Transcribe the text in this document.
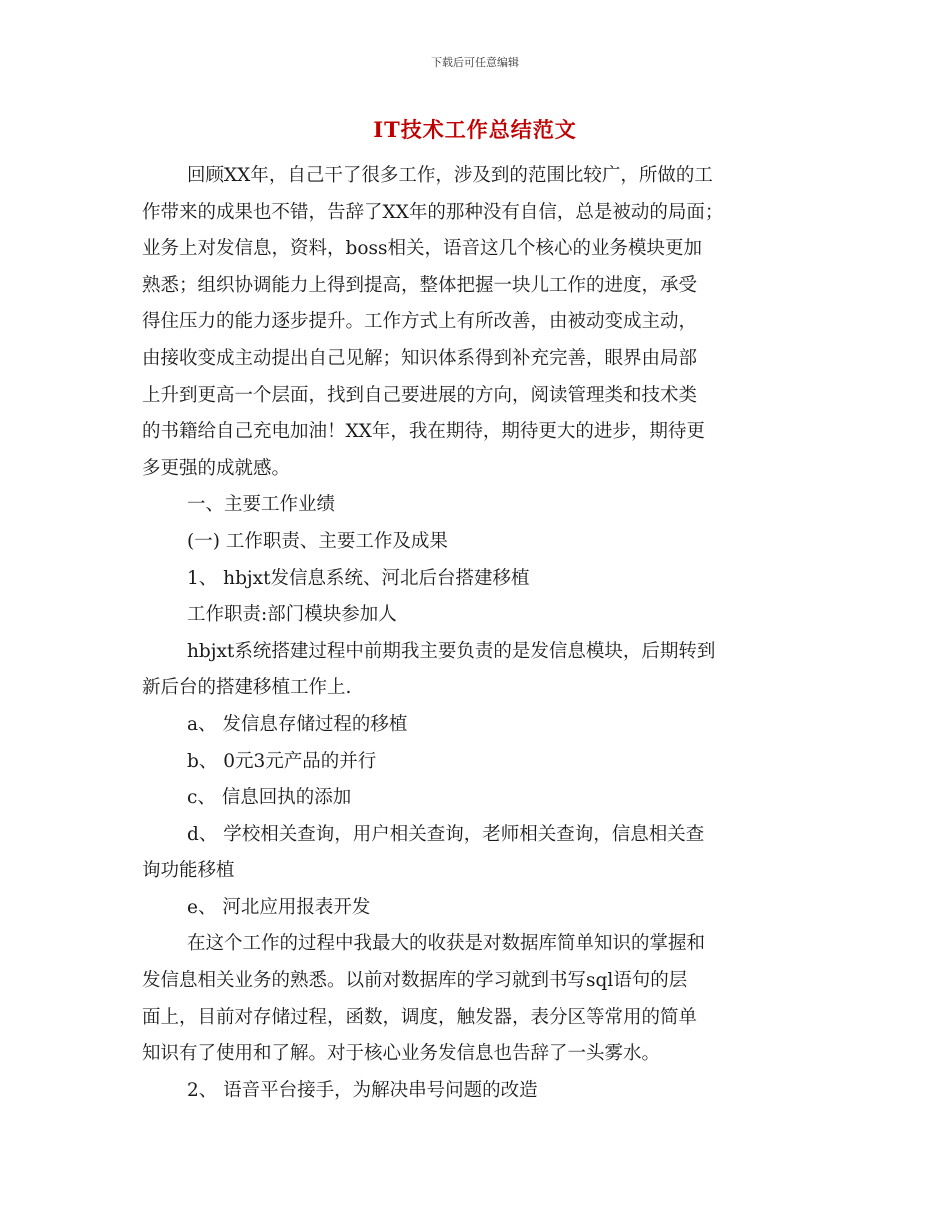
下载后可任意编辑
IT技术工作总结范文
回顾XX年，自己干了很多工作，涉及到的范围比较广，所做的工
作带来的成果也不错，告辞了XX年的那种没有自信，总是被动的局面；
业务上对发信息，资料，boss相关，语音这几个核心的业务模块更加
熟悉；组织协调能力上得到提高，整体把握一块儿工作的进度，承受
得住压力的能力逐步提升。工作方式上有所改善，由被动变成主动，
由接收变成主动提出自己见解；知识体系得到补充完善，眼界由局部
上升到更高一个层面，找到自己要进展的方向，阅读管理类和技术类
的书籍给自己充电加油！XX年，我在期待，期待更大的进步，期待更
多更强的成就感。
一、主要工作业绩
(一) 工作职责、主要工作及成果
1、 hbjxt发信息系统、河北后台搭建移植
工作职责:部门模块参加人
hbjxt系统搭建过程中前期我主要负责的是发信息模块，后期转到
新后台的搭建移植工作上.
a、 发信息存储过程的移植
b、 0元3元产品的并行
c、 信息回执的添加
d、 学校相关查询，用户相关查询，老师相关查询，信息相关查
询功能移植
e、 河北应用报表开发
在这个工作的过程中我最大的收获是对数据库简单知识的掌握和
发信息相关业务的熟悉。以前对数据库的学习就到书写sql语句的层
面上，目前对存储过程，函数，调度，触发器，表分区等常用的简单
知识有了使用和了解。对于核心业务发信息也告辞了一头雾水。
2、 语音平台接手，为解决串号问题的改造
